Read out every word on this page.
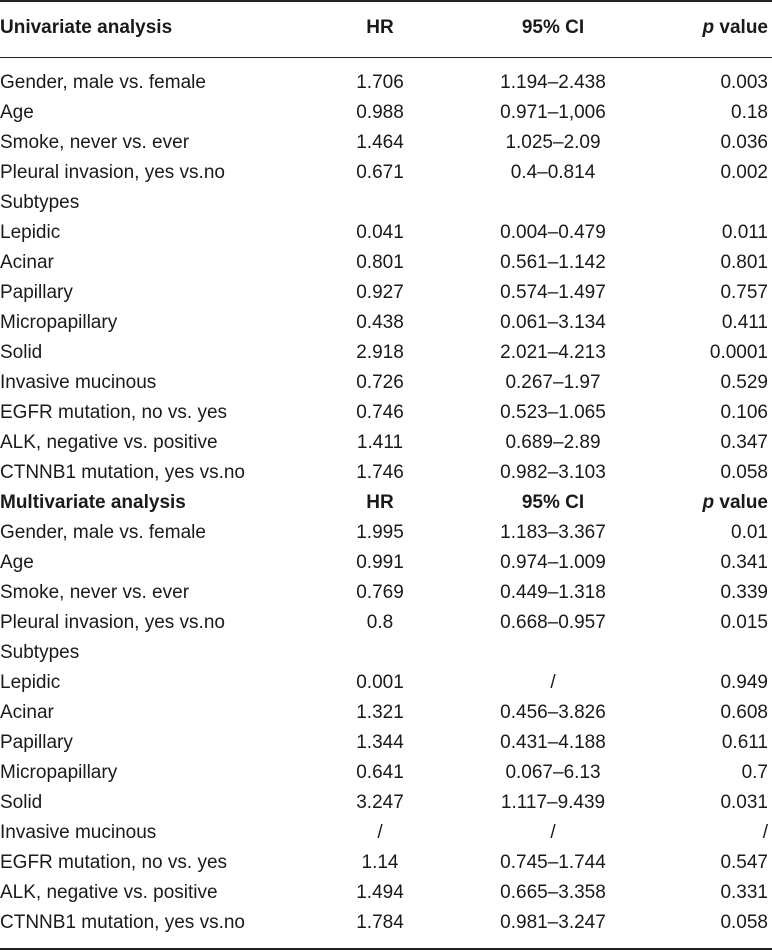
Univariate analysis	HR	95% CI	p value
Gender, male vs. female	1.706	1.194–2.438	0.003
Age	0.988	0.971–1,006	0.18
Smoke, never vs. ever	1.464	1.025–2.09	0.036
Pleural invasion, yes vs.no	0.671	0.4–0.814	0.002
Subtypes
Lepidic	0.041	0.004–0.479	0.011
Acinar	0.801	0.561–1.142	0.801
Papillary	0.927	0.574–1.497	0.757
Micropapillary	0.438	0.061–3.134	0.411
Solid	2.918	2.021–4.213	0.0001
Invasive mucinous	0.726	0.267–1.97	0.529
EGFR mutation, no vs. yes	0.746	0.523–1.065	0.106
ALK, negative vs. positive	1.411	0.689–2.89	0.347
CTNNB1 mutation, yes vs.no	1.746	0.982–3.103	0.058
Multivariate analysis	HR	95% CI	p value
Gender, male vs. female	1.995	1.183–3.367	0.01
Age	0.991	0.974–1.009	0.341
Smoke, never vs. ever	0.769	0.449–1.318	0.339
Pleural invasion, yes vs.no	0.8	0.668–0.957	0.015
Subtypes
Lepidic	0.001	/	0.949
Acinar	1.321	0.456–3.826	0.608
Papillary	1.344	0.431–4.188	0.611
Micropapillary	0.641	0.067–6.13	0.7
Solid	3.247	1.117–9.439	0.031
Invasive mucinous	/	/	/
EGFR mutation, no vs. yes	1.14	0.745–1.744	0.547
ALK, negative vs. positive	1.494	0.665–3.358	0.331
CTNNB1 mutation, yes vs.no	1.784	0.981–3.247	0.058
